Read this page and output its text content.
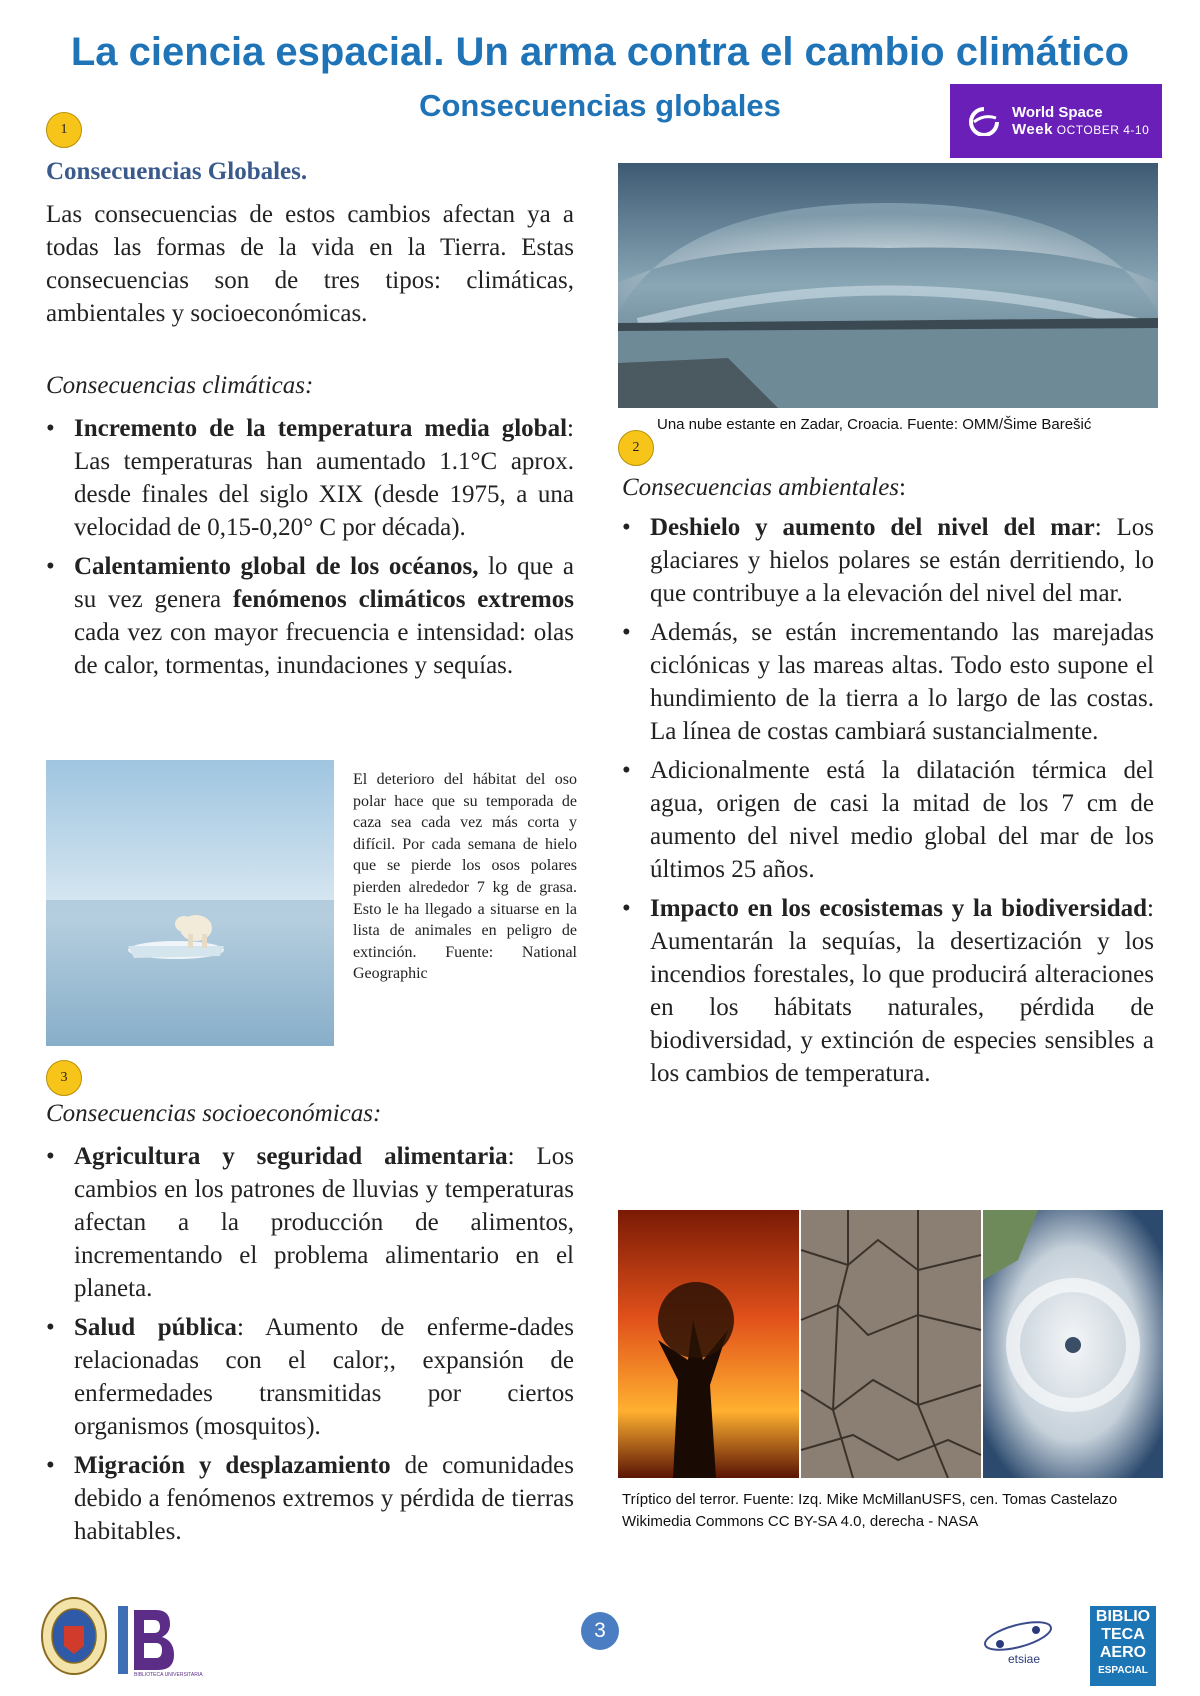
La ciencia espacial. Un arma contra el cambio climático
Consecuencias globales	World Space
Week OCTOBER 4-10
1
Consecuencias Globales.
Las consecuencias de estos cambios afectan ya a todas las formas de la vida en la Tierra. Estas consecuencias son de tres tipos: climáticas, ambientales y socioeconómicas.
Consecuencias climáticas:
• Incremento de la temperatura media global: Las temperaturas han aumentado 1.1°C aprox. desde finales del siglo XIX (desde 1975, a una velocidad de 0,15-0,20° C por década).
• Calentamiento global de los océanos, lo que a su vez genera fenómenos climáticos extremos cada vez con mayor frecuencia e intensidad: olas de calor, tormentas, inundaciones y sequías.
El deterioro del hábitat del oso polar hace que su temporada de caza sea cada vez más corta y difícil. Por cada semana de hielo que se pierde los osos polares pierden alrededor 7 kg de grasa. Esto le ha llegado a situarse en la lista de animales en peligro de extinción. Fuente: National Geographic
3
Consecuencias socioeconómicas:
• Agricultura y seguridad alimentaria: Los cambios en los patrones de lluvias y temperaturas afectan a la producción de alimentos, incrementando el problema alimentario en el planeta.
• Salud pública: Aumento de enferme-dades relacionadas con el calor;, expansión de enfermedades transmitidas por ciertos organismos (mosquitos).
• Migración y desplazamiento de comunidades debido a fenómenos extremos y pérdida de tierras habitables.
Una nube estante en Zadar, Croacia. Fuente: OMM/Šime Barešić
2
Consecuencias ambientales:
• Deshielo y aumento del nivel del mar: Los glaciares y hielos polares se están derritiendo, lo que contribuye a la elevación del nivel del mar.
• Además, se están incrementando las marejadas ciclónicas y las mareas altas. Todo esto supone el hundimiento de la tierra a lo largo de las costas. La línea de costas cambiará sustancialmente.
• Adicionalmente está la dilatación térmica del agua, origen de casi la mitad de los 7 cm de aumento del nivel medio global del mar de los últimos 25 años.
• Impacto en los ecosistemas y la biodiversidad: Aumentarán la sequías, la desertización y los incendios forestales, lo que producirá alteraciones en los hábitats naturales, pérdida de biodiversidad, y extinción de especies sensibles a los cambios de temperatura.
Tríptico del terror. Fuente: Izq. Mike McMillanUSFS, cen. Tomas Castelazo
Wikimedia Commons CC BY-SA 4.0, derecha - NASA
BIBLIOTECA UNIVERSITARIA
POLITÉCNICA	3
etsiae
BIBLIO
TECA
AERO
ESPACIAL
